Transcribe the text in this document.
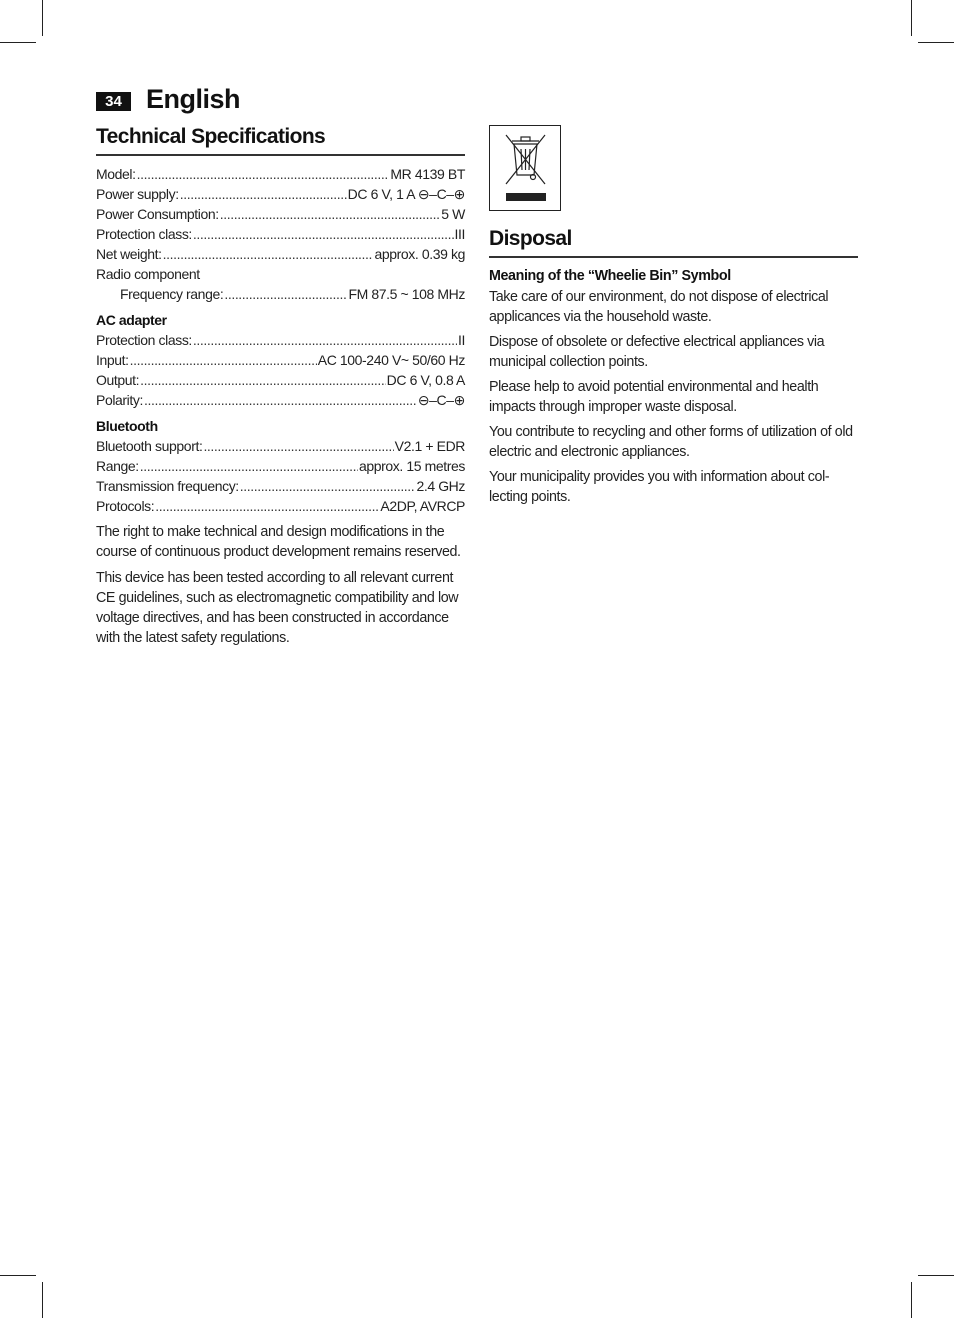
34 English
Technical Specifications
Model: .....	MR 4139 BT
Power supply: .....	DC 6 V, 1 A ⊖–C–⊕
Power Consumption: .....	5 W
Protection class: .....	III
Net weight: .....	approx. 0.39 kg
Radio component
Frequency range: .....	FM 87.5 ~ 108 MHz
AC adapter
Protection class: .....	II
Input: .....	AC 100-240 V~ 50/60 Hz
Output: .....	DC 6 V, 0.8 A
Polarity: .....	⊖–C–⊕
Bluetooth
Bluetooth support: .....	V2.1 + EDR
Range: .....	approx. 15 metres
Transmission frequency: .....	2.4 GHz
Protocols: .....	A2DP, AVRCP

The right to make technical and design modifications in the course of continuous product development remains reserved.

This device has been tested according to all relevant current CE guidelines, such as electromagnetic compatibility and low voltage directives, and has been constructed in accordance with the latest safety regulations.

Disposal
Meaning of the “Wheelie Bin” Symbol

Take care of our environment, do not dispose of electrical applicances via the household waste.

Dispose of obsolete or defective electrical appliances via municipal collection points.

Please help to avoid potential environmental and health impacts through improper waste disposal.

You contribute to recycling and other forms of utilization of old electric and electronic appliances.

Your municipality provides you with information about col-lecting points.
